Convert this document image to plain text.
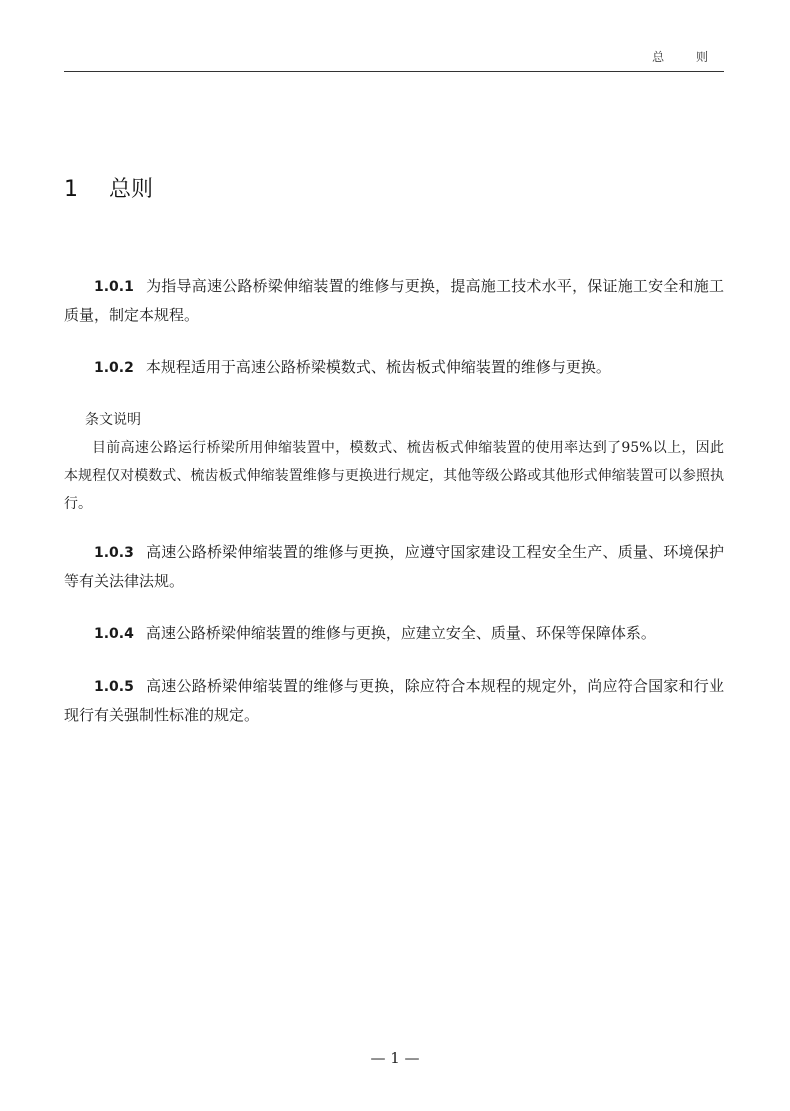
总 则
1 总则

1.0.1 为指导高速公路桥梁伸缩装置的维修与更换，提高施工技术水平，保证施工安全和施工质量，制定本规程。

1.0.2 本规程适用于高速公路桥梁模数式、梳齿板式伸缩装置的维修与更换。

条文说明

目前高速公路运行桥梁所用伸缩装置中，模数式、梳齿板式伸缩装置的使用率达到了95%以上，因此本规程仅对模数式、梳齿板式伸缩装置维修与更换进行规定，其他等级公路或其他形式伸缩装置可以参照执行。

1.0.3 高速公路桥梁伸缩装置的维修与更换，应遵守国家建设工程安全生产、质量、环境保护等有关法律法规。

1.0.4 高速公路桥梁伸缩装置的维修与更换，应建立安全、质量、环保等保障体系。

1.0.5 高速公路桥梁伸缩装置的维修与更换，除应符合本规程的规定外，尚应符合国家和行业现行有关强制性标准的规定。

— 1 —
